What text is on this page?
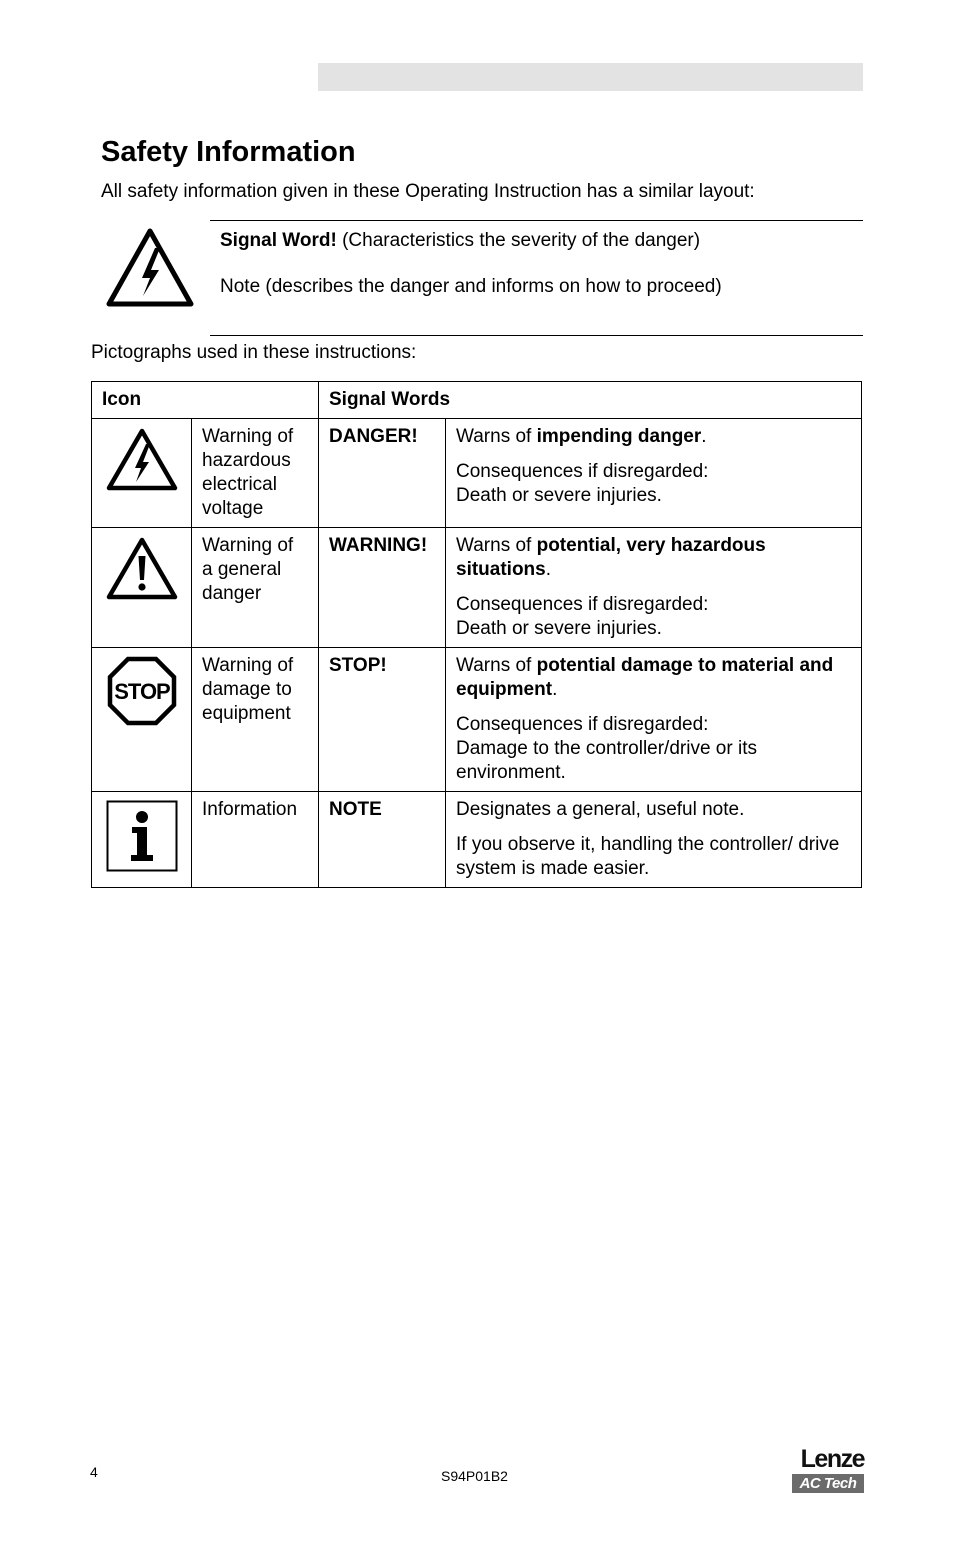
Safety Information

All safety information given in these Operating Instruction has a similar layout:

Signal Word! (Characteristics the severity of the danger)

Note (describes the danger and informs on how to proceed)

Pictographs used in these instructions:

Icon		Signal Words	

	Warning of hazardous electrical voltage	DANGER!	Warns of impending danger.

Consequences if disregarded:
Death or severe injuries.

	Warning of a general danger	WARNING!	Warns of potential, very hazardous situations.

Consequences if disregarded:
Death or severe injuries.

STOP	Warning of damage to equipment	STOP!	Warns of potential damage to material and equipment.

Consequences if disregarded:
Damage to the controller/drive or its environment.

	Information	NOTE	Designates a general, useful note.

If you observe it, handling the controller/ drive system is made easier.

4	S94P01B2

Lenze
AC Tech
